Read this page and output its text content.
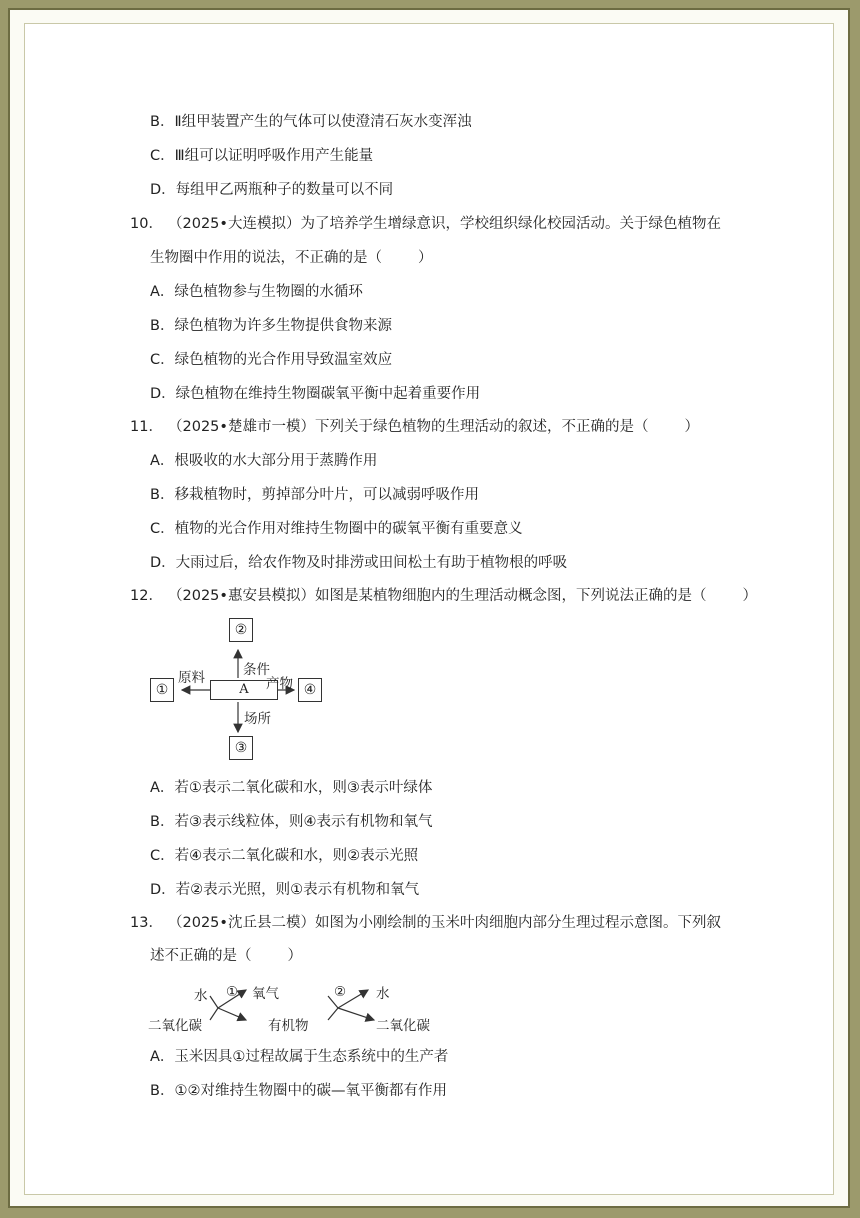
B．Ⅱ组甲装置产生的气体可以使澄清石灰水变浑浊
C．Ⅲ组可以证明呼吸作用产生能量
D．每组甲乙两瓶种子的数量可以不同
10． （2025•大连模拟）为了培养学生增绿意识，学校组织绿化校园活动。关于绿色植物在
生物圈中作用的说法，不正确的是（ ）
A．绿色植物参与生物圈的水循环
B．绿色植物为许多生物提供食物来源
C．绿色植物的光合作用导致温室效应
D．绿色植物在维持生物圈碳氧平衡中起着重要作用
11． （2025•楚雄市一模）下列关于绿色植物的生理活动的叙述，不正确的是（ ）
A．根吸收的水大部分用于蒸腾作用
B．移栽植物时，剪掉部分叶片，可以减弱呼吸作用
C．植物的光合作用对维持生物圈中的碳氧平衡有重要意义
D．大雨过后，给农作物及时排涝或田间松土有助于植物根的呼吸
12． （2025•惠安县模拟）如图是某植物细胞内的生理活动概念图，下列说法正确的是（ ）
②
①	A	④
③
原料	条件
产物
场所
A．若①表示二氧化碳和水，则③表示叶绿体
B．若③表示线粒体，则④表示有机物和氧气
C．若④表示二氧化碳和水，则②表示光照
D．若②表示光照，则①表示有机物和氧气
13． （2025•沈丘县二模）如图为小刚绘制的玉米叶肉细胞内部分生理过程示意图。下列叙
述不正确的是（ ）
水
二氧化碳
① 氧气
有机物
② 水
二氧化碳
A．玉米因具①过程故属于生态系统中的生产者
B．①②对维持生物圈中的碳—氧平衡都有作用
